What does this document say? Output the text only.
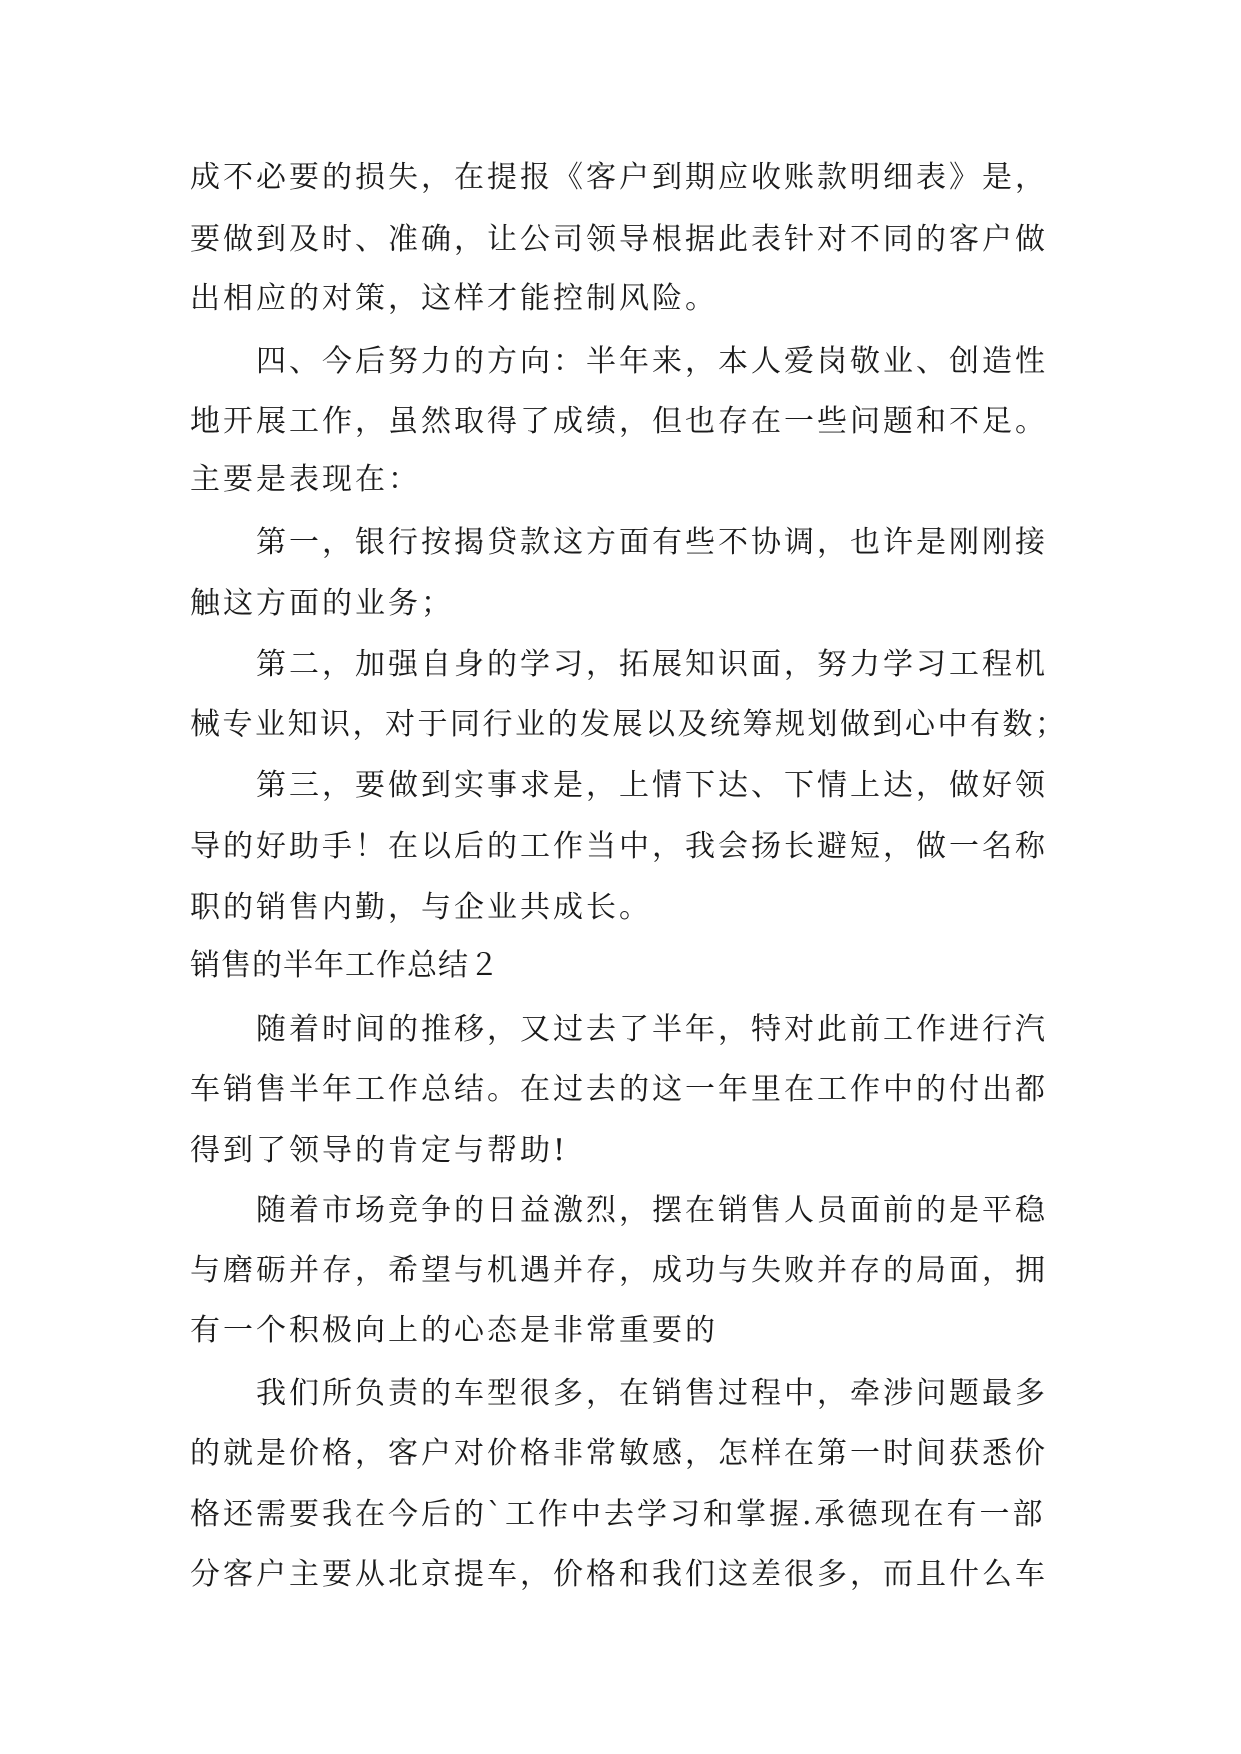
成不必要的损失，在提报《客户到期应收账款明细表》是，
要做到及时、准确，让公司领导根据此表针对不同的客户做
出相应的对策，这样才能控制风险。
四、今后努力的方向：半年来，本人爱岗敬业、创造性
地开展工作，虽然取得了成绩，但也存在一些问题和不足。
主要是表现在：
第一，银行按揭贷款这方面有些不协调，也许是刚刚接
触这方面的业务；
第二，加强自身的学习，拓展知识面，努力学习工程机
械专业知识，对于同行业的发展以及统筹规划做到心中有数；
第三，要做到实事求是，上情下达、下情上达，做好领
导的好助手！在以后的工作当中，我会扬长避短，做一名称
职的销售内勤，与企业共成长。
销售的半年工作总结２
随着时间的推移，又过去了半年，特对此前工作进行汽
车销售半年工作总结。在过去的这一年里在工作中的付出都
得到了领导的肯定与帮助!
随着市场竞争的日益激烈，摆在销售人员面前的是平稳
与磨砺并存，希望与机遇并存，成功与失败并存的局面，拥
有一个积极向上的心态是非常重要的
我们所负责的车型很多，在销售过程中，牵涉问题最多
的就是价格，客户对价格非常敏感，怎样在第一时间获悉价
格还需要我在今后的`工作中去学习和掌握.承德现在有一部
分客户主要从北京提车，价格和我们这差很多，而且什么车
